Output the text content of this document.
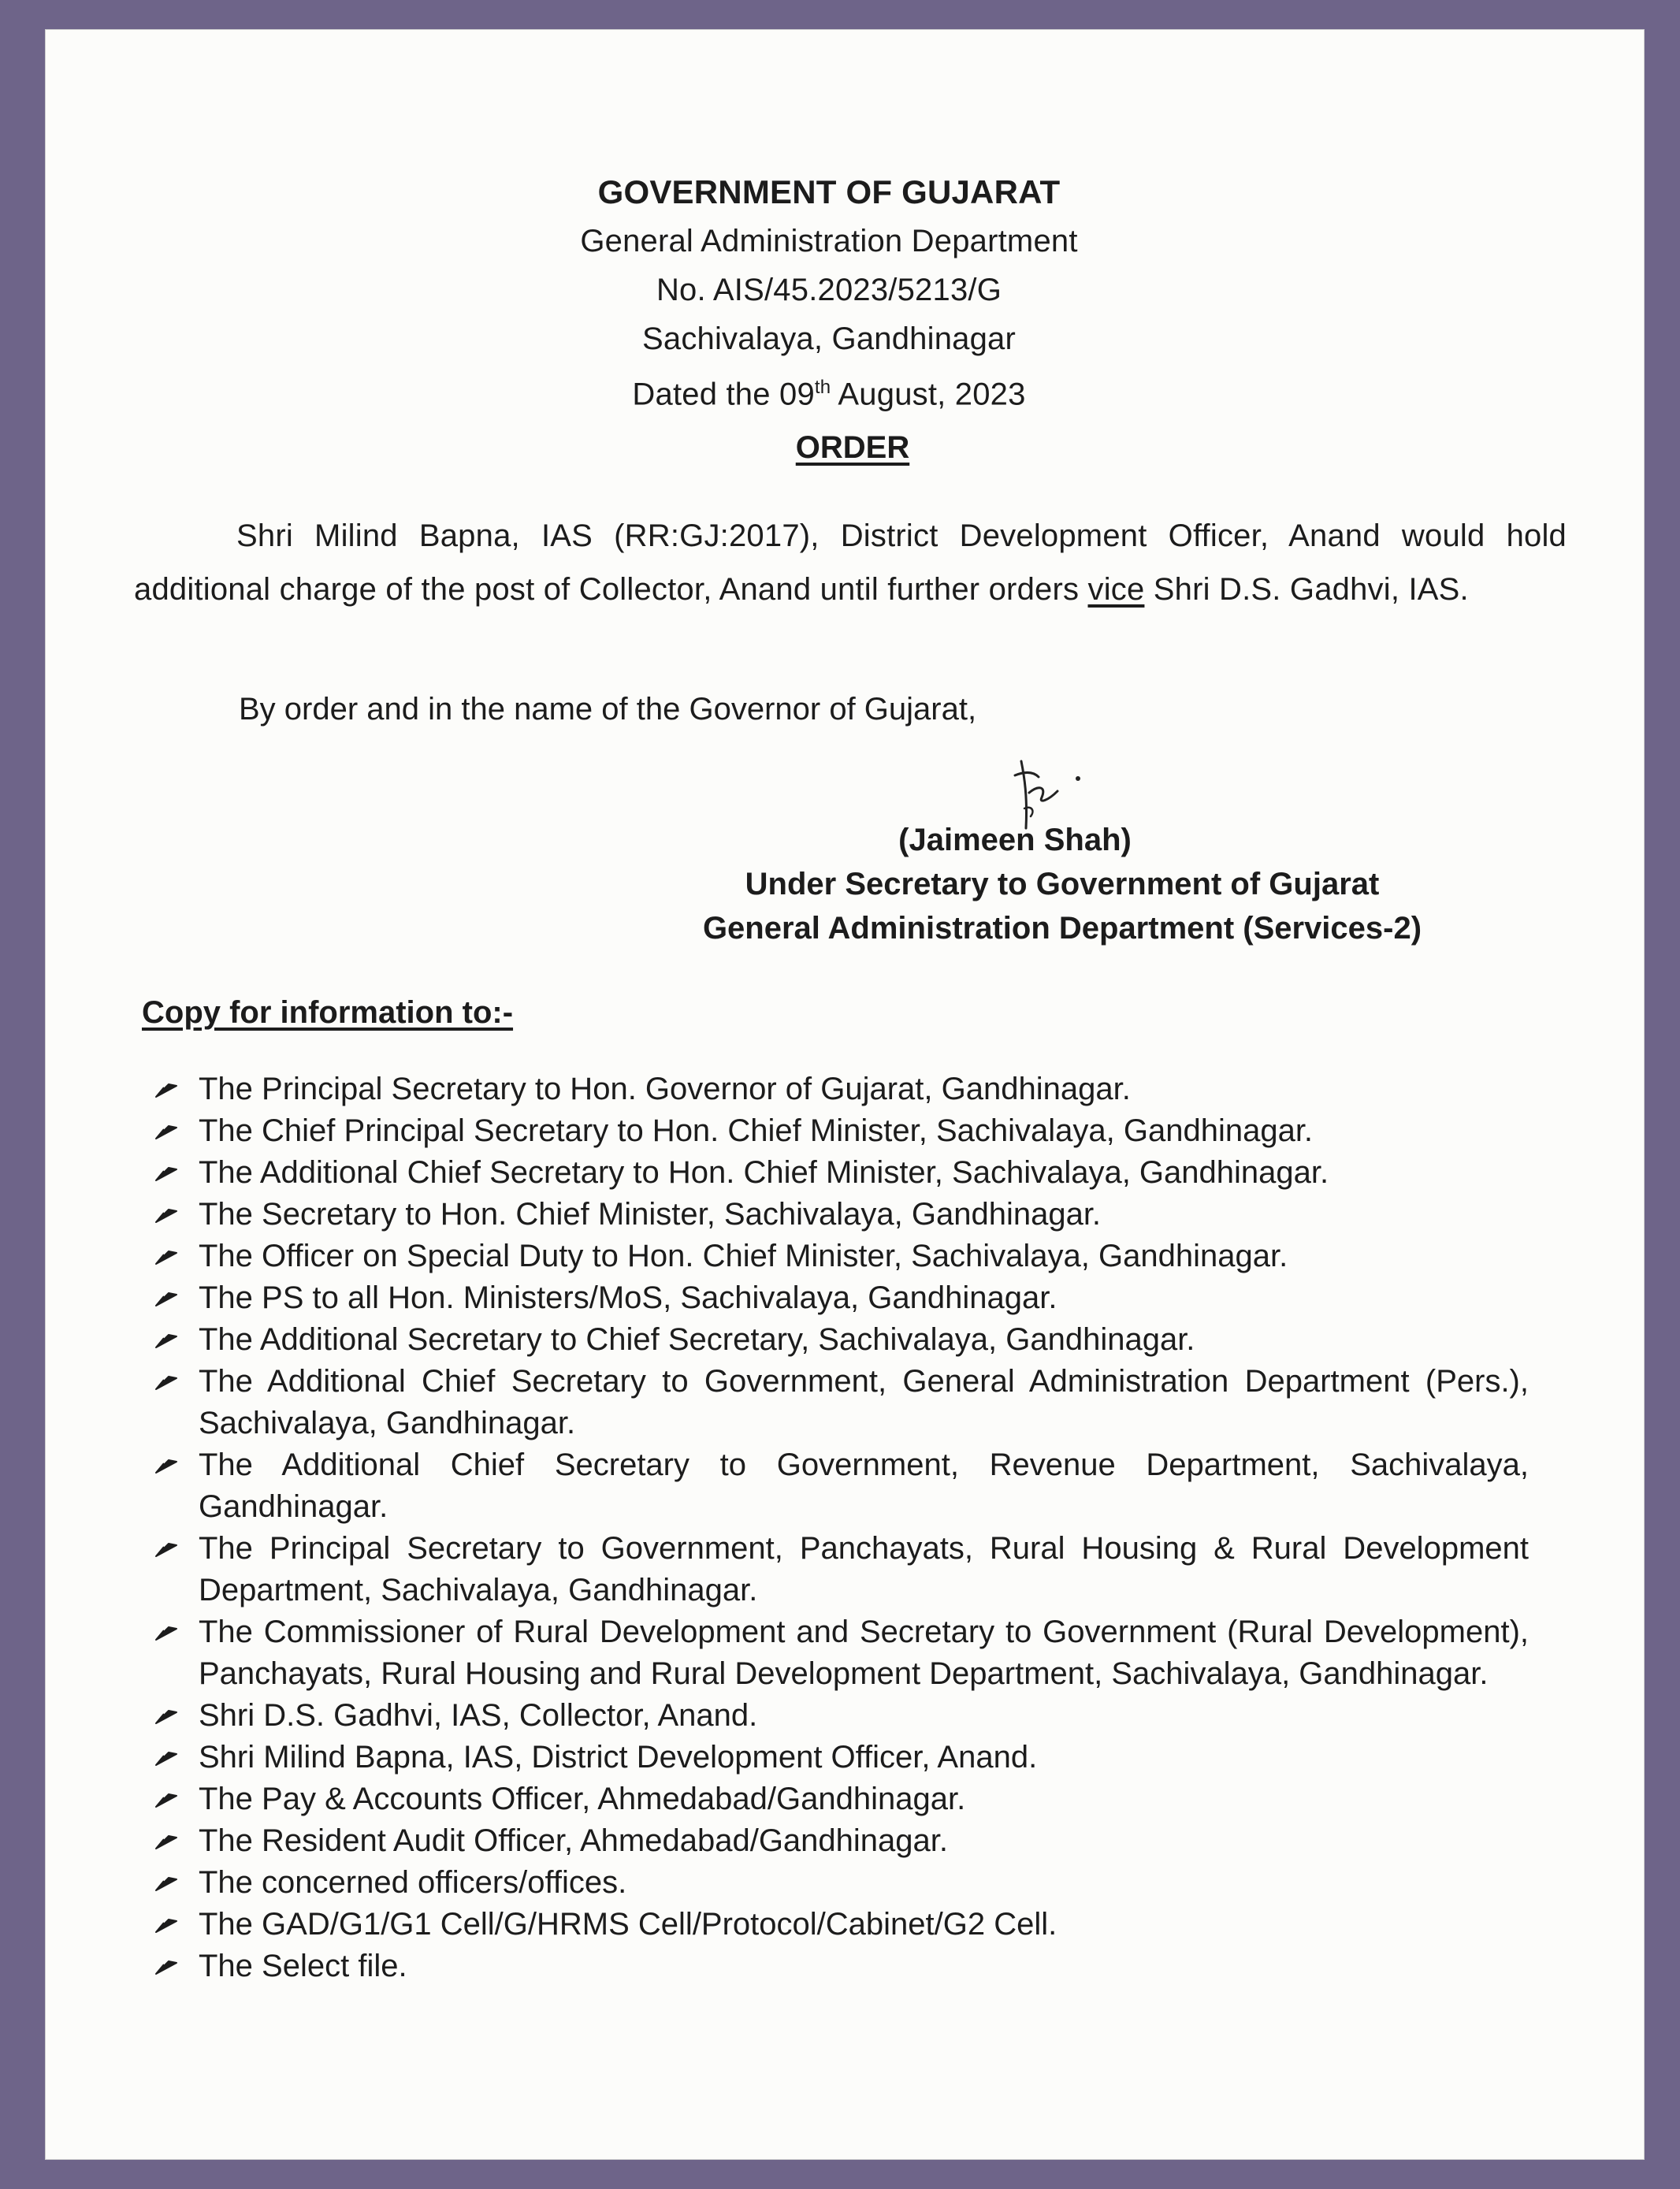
GOVERNMENT OF GUJARAT
General Administration Department
No. AIS/45.2023/5213/G
Sachivalaya, Gandhinagar
Dated the 09th August, 2023
ORDER
Shri Milind Bapna, IAS (RR:GJ:2017), District Development Officer, Anand would hold additional charge of the post of Collector, Anand until further orders vice Shri D.S. Gadhvi, IAS.
By order and in the name of the Governor of Gujarat,
(Jaimeen Shah)
Under Secretary to Government of Gujarat
General Administration Department (Services-2)
Copy for information to:-
The Principal Secretary to Hon. Governor of Gujarat, Gandhinagar.
The Chief Principal Secretary to Hon. Chief Minister, Sachivalaya, Gandhinagar.
The Additional Chief Secretary to Hon. Chief Minister, Sachivalaya, Gandhinagar.
The Secretary to Hon. Chief Minister, Sachivalaya, Gandhinagar.
The Officer on Special Duty to Hon. Chief Minister, Sachivalaya, Gandhinagar.
The PS to all Hon. Ministers/MoS, Sachivalaya, Gandhinagar.
The Additional Secretary to Chief Secretary, Sachivalaya, Gandhinagar.
The Additional Chief Secretary to Government, General Administration Department (Pers.), Sachivalaya, Gandhinagar.
The Additional Chief Secretary to Government, Revenue Department, Sachivalaya, Gandhinagar.
The Principal Secretary to Government, Panchayats, Rural Housing & Rural Development Department, Sachivalaya, Gandhinagar.
The Commissioner of Rural Development and Secretary to Government (Rural Development), Panchayats, Rural Housing and Rural Development Department, Sachivalaya, Gandhinagar.
Shri D.S. Gadhvi, IAS, Collector, Anand.
Shri Milind Bapna, IAS, District Development Officer, Anand.
The Pay & Accounts Officer, Ahmedabad/Gandhinagar.
The Resident Audit Officer, Ahmedabad/Gandhinagar.
The concerned officers/offices.
The GAD/G1/G1 Cell/G/HRMS Cell/Protocol/Cabinet/G2 Cell.
The Select file.
